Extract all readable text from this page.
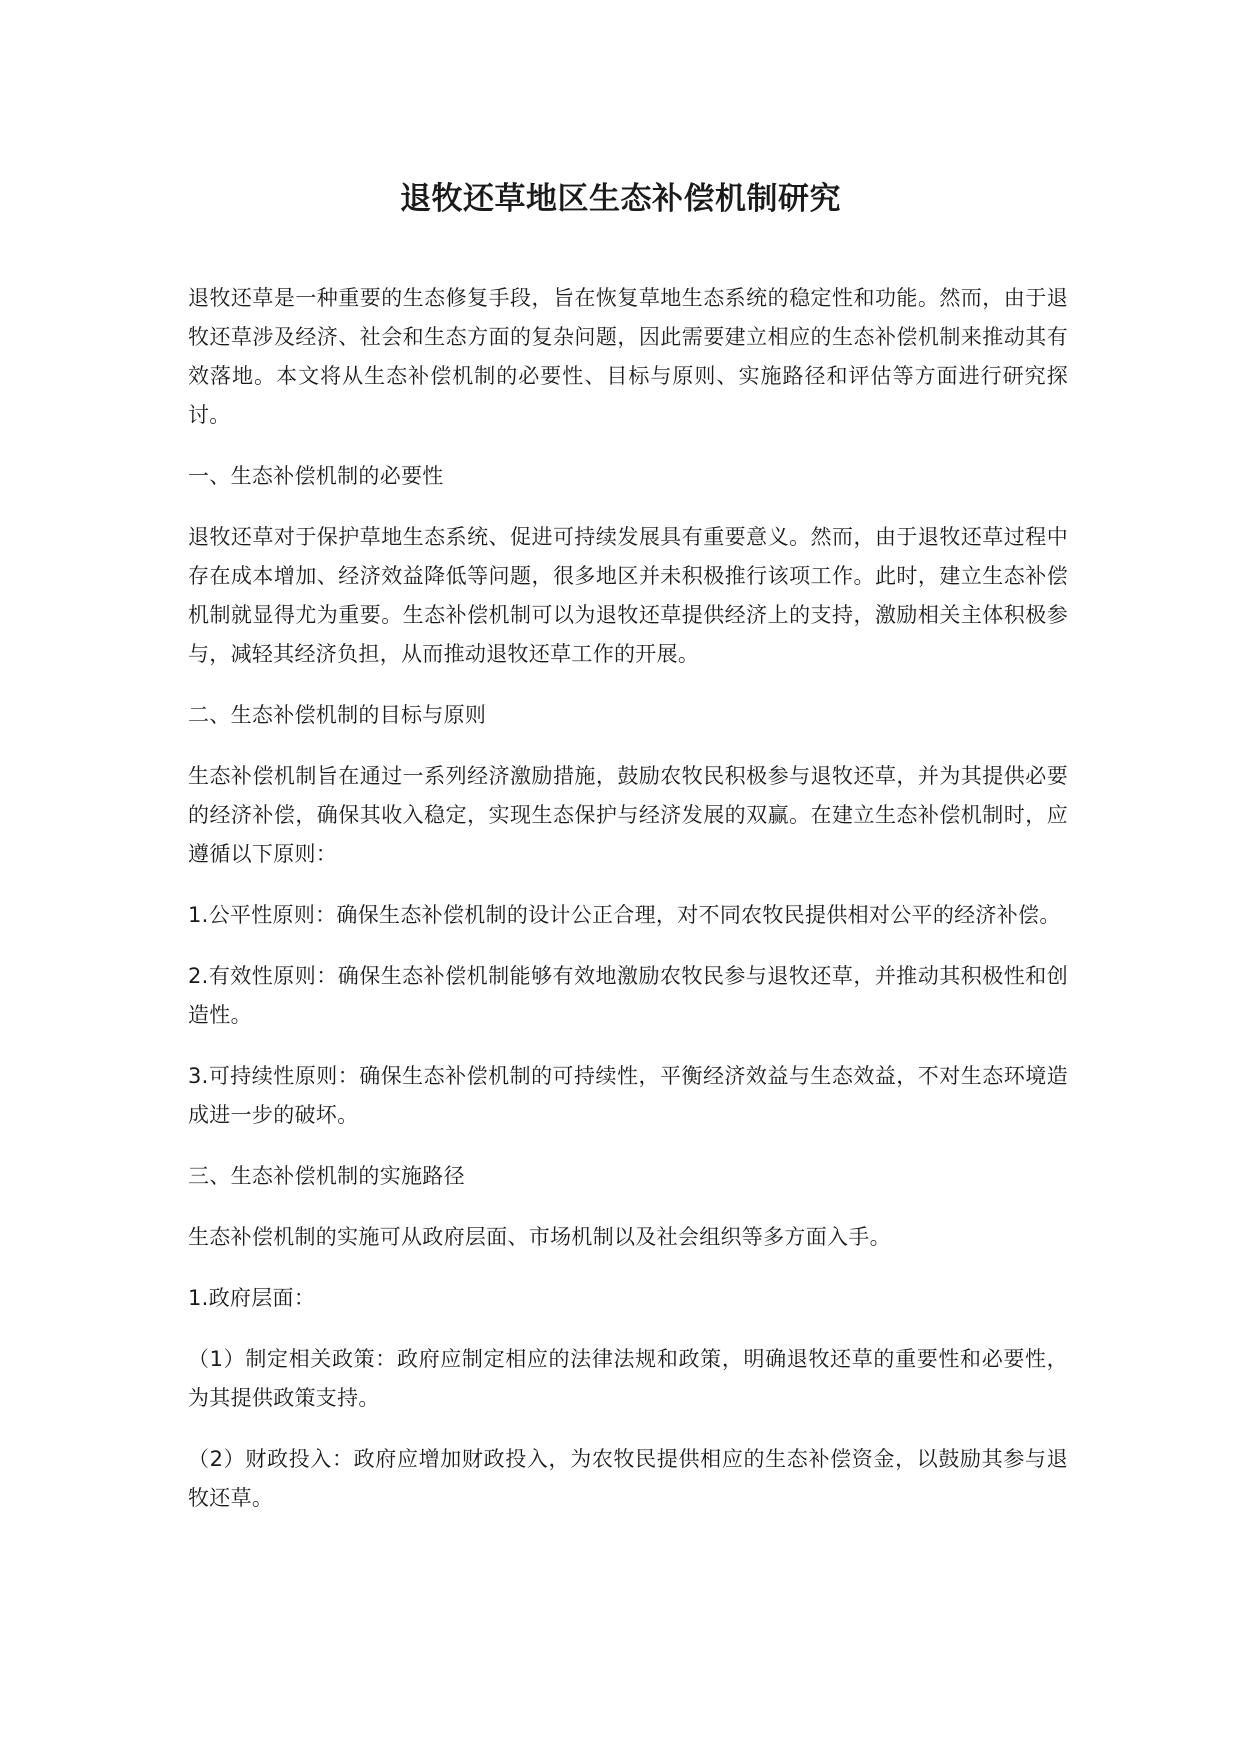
退牧还草地区生态补偿机制研究

退牧还草是一种重要的生态修复手段，旨在恢复草地生态系统的稳定性和功能。然而，由于退牧还草涉及经济、社会和生态方面的复杂问题，因此需要建立相应的生态补偿机制来推动其有效落地。本文将从生态补偿机制的必要性、目标与原则、实施路径和评估等方面进行研究探讨。

一、生态补偿机制的必要性

退牧还草对于保护草地生态系统、促进可持续发展具有重要意义。然而，由于退牧还草过程中存在成本增加、经济效益降低等问题，很多地区并未积极推行该项工作。此时，建立生态补偿机制就显得尤为重要。生态补偿机制可以为退牧还草提供经济上的支持，激励相关主体积极参与，减轻其经济负担，从而推动退牧还草工作的开展。

二、生态补偿机制的目标与原则

生态补偿机制旨在通过一系列经济激励措施，鼓励农牧民积极参与退牧还草，并为其提供必要的经济补偿，确保其收入稳定，实现生态保护与经济发展的双赢。在建立生态补偿机制时，应遵循以下原则：

1.公平性原则：确保生态补偿机制的设计公正合理，对不同农牧民提供相对公平的经济补偿。

2.有效性原则：确保生态补偿机制能够有效地激励农牧民参与退牧还草，并推动其积极性和创造性。

3.可持续性原则：确保生态补偿机制的可持续性，平衡经济效益与生态效益，不对生态环境造成进一步的破坏。

三、生态补偿机制的实施路径

生态补偿机制的实施可从政府层面、市场机制以及社会组织等多方面入手。

1.政府层面：

（1）制定相关政策：政府应制定相应的法律法规和政策，明确退牧还草的重要性和必要性，为其提供政策支持。

（2）财政投入：政府应增加财政投入，为农牧民提供相应的生态补偿资金，以鼓励其参与退牧还草。
